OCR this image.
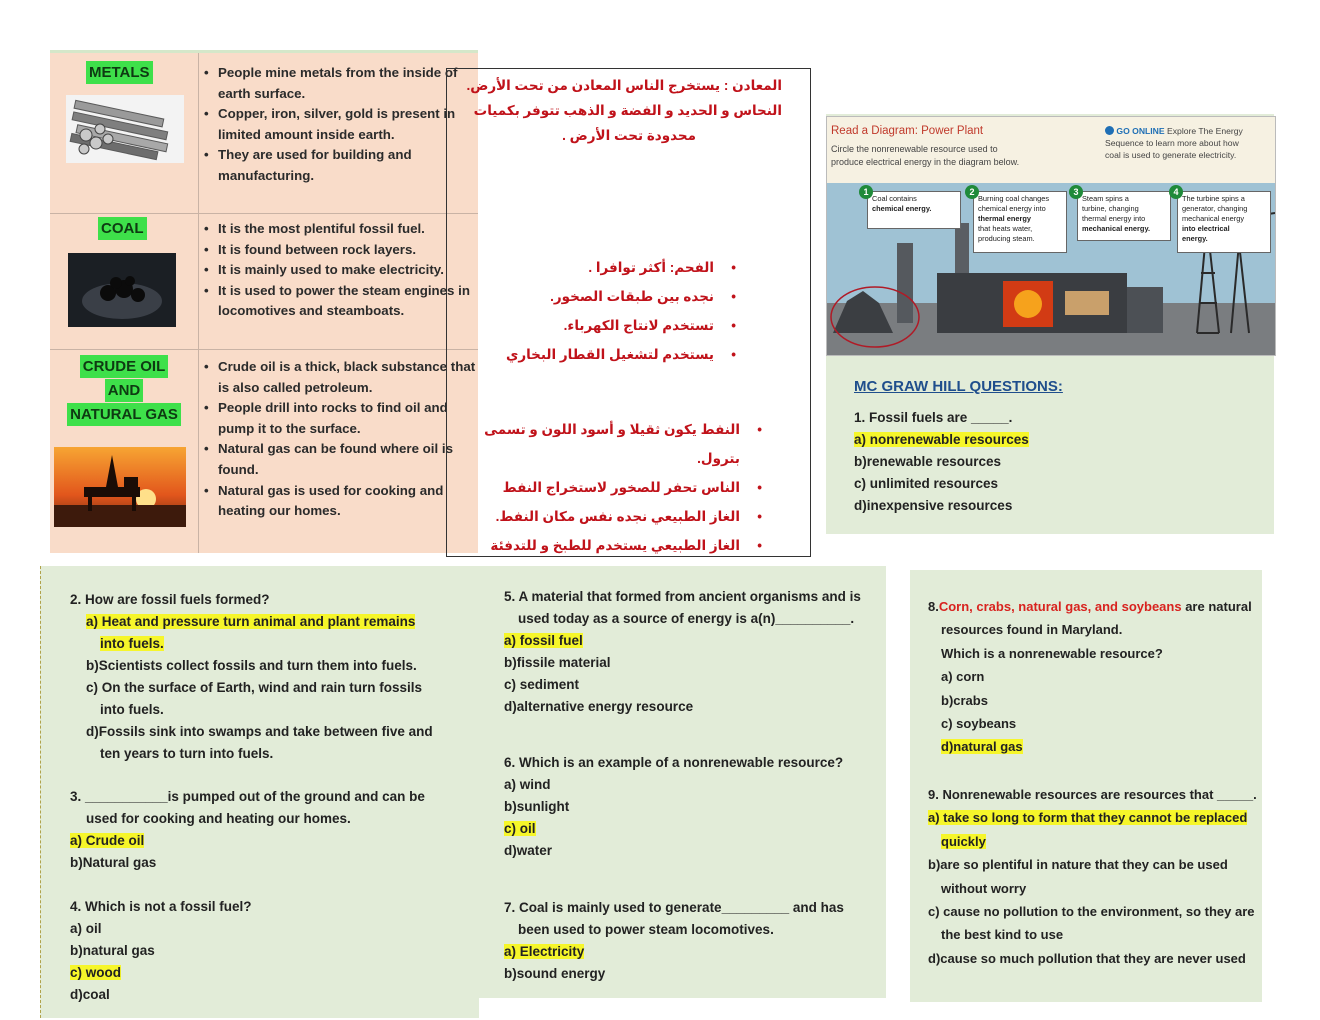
METALS	• People mine metals from the inside of earth surface.
• Copper, iron, silver, gold is present in limited amount inside earth.
• They are used for building and manufacturing.
COAL	• It is the most plentiful fossil fuel.
• It is found between rock layers.
• It is mainly used to make electricity.
• It is used to power the steam engines in locomotives and steamboats.
CRUDE OIL
AND
NATURAL GAS
• Crude oil is a thick, black substance that is also called petroleum.
• People drill into rocks to find oil and pump it to the surface.
• Natural gas can be found where oil is found.
• Natural gas is used for cooking and heating our homes.
المعادن : يستخرج الناس المعادن من تحت الأرض.
النحاس و الحديد و الفضة و الذهب تتوفر بكميات
محدودة تحت الأرض .
• الفحم: أكثر توافرا .
• نجده بين طبقات الصخور.
• تستخدم لانتاج الكهرباء.
• يستخدم لتشغيل القطار البخاري
• النفط يكون ثقيلا و أسود اللون و تسمى بترول.
• الناس تحفر للصخور لاستخراج النفط
• الغاز الطبيعي نجده نفس مكان النفط.
• الغاز الطبيعي يستخدم للطبخ و للتدفئة
Read a Diagram: Power Plant
Circle the nonrenewable resource used to
produce electrical energy in the diagram below.
GO ONLINE Explore The Energy
Sequence to learn more about how
coal is used to generate electricity.
Coal contains
chemical energy.
Burning coal changes
chemical energy into
thermal energy
that heats water,
producing steam.
Steam spins a
turbine, changing
thermal energy into
mechanical energy.
The turbine spins a
generator, changing
mechanical energy
into electrical
energy.
1	2	3	4
MC GRAW HILL QUESTIONS:
1. Fossil fuels are _____.
a) nonrenewable resources
b)renewable resources
c) unlimited resources
d)inexpensive resources
2. How are fossil fuels formed?
a) Heat and pressure turn animal and plant remains
into fuels.
b)Scientists collect fossils and turn them into fuels.
c) On the surface of Earth, wind and rain turn fossils
into fuels.
d)Fossils sink into swamps and take between five and
ten years to turn into fuels.
3. ___________is pumped out of the ground and can be
used for cooking and heating our homes.
a) Crude oil
b)Natural gas
4. Which is not a fossil fuel?
a) oil
b)natural gas
c) wood
d)coal
5. A material that formed from ancient organisms and is
used today as a source of energy is a(n)__________.
a) fossil fuel
b)fissile material
c) sediment
d)alternative energy resource
6. Which is an example of a nonrenewable resource?
a) wind
b)sunlight
c) oil
d)water
7. Coal is mainly used to generate_________ and has
been used to power steam locomotives.
a) Electricity
b)sound energy
8.Corn, crabs, natural gas, and soybeans are natural
resources found in Maryland.
Which is a nonrenewable resource?
a) corn
b)crabs
c) soybeans
d)natural gas
9. Nonrenewable resources are resources that _____.
a) take so long to form that they cannot be replaced
quickly
b)are so plentiful in nature that they can be used
without worry
c) cause no pollution to the environment, so they are
the best kind to use
d)cause so much pollution that they are never used
